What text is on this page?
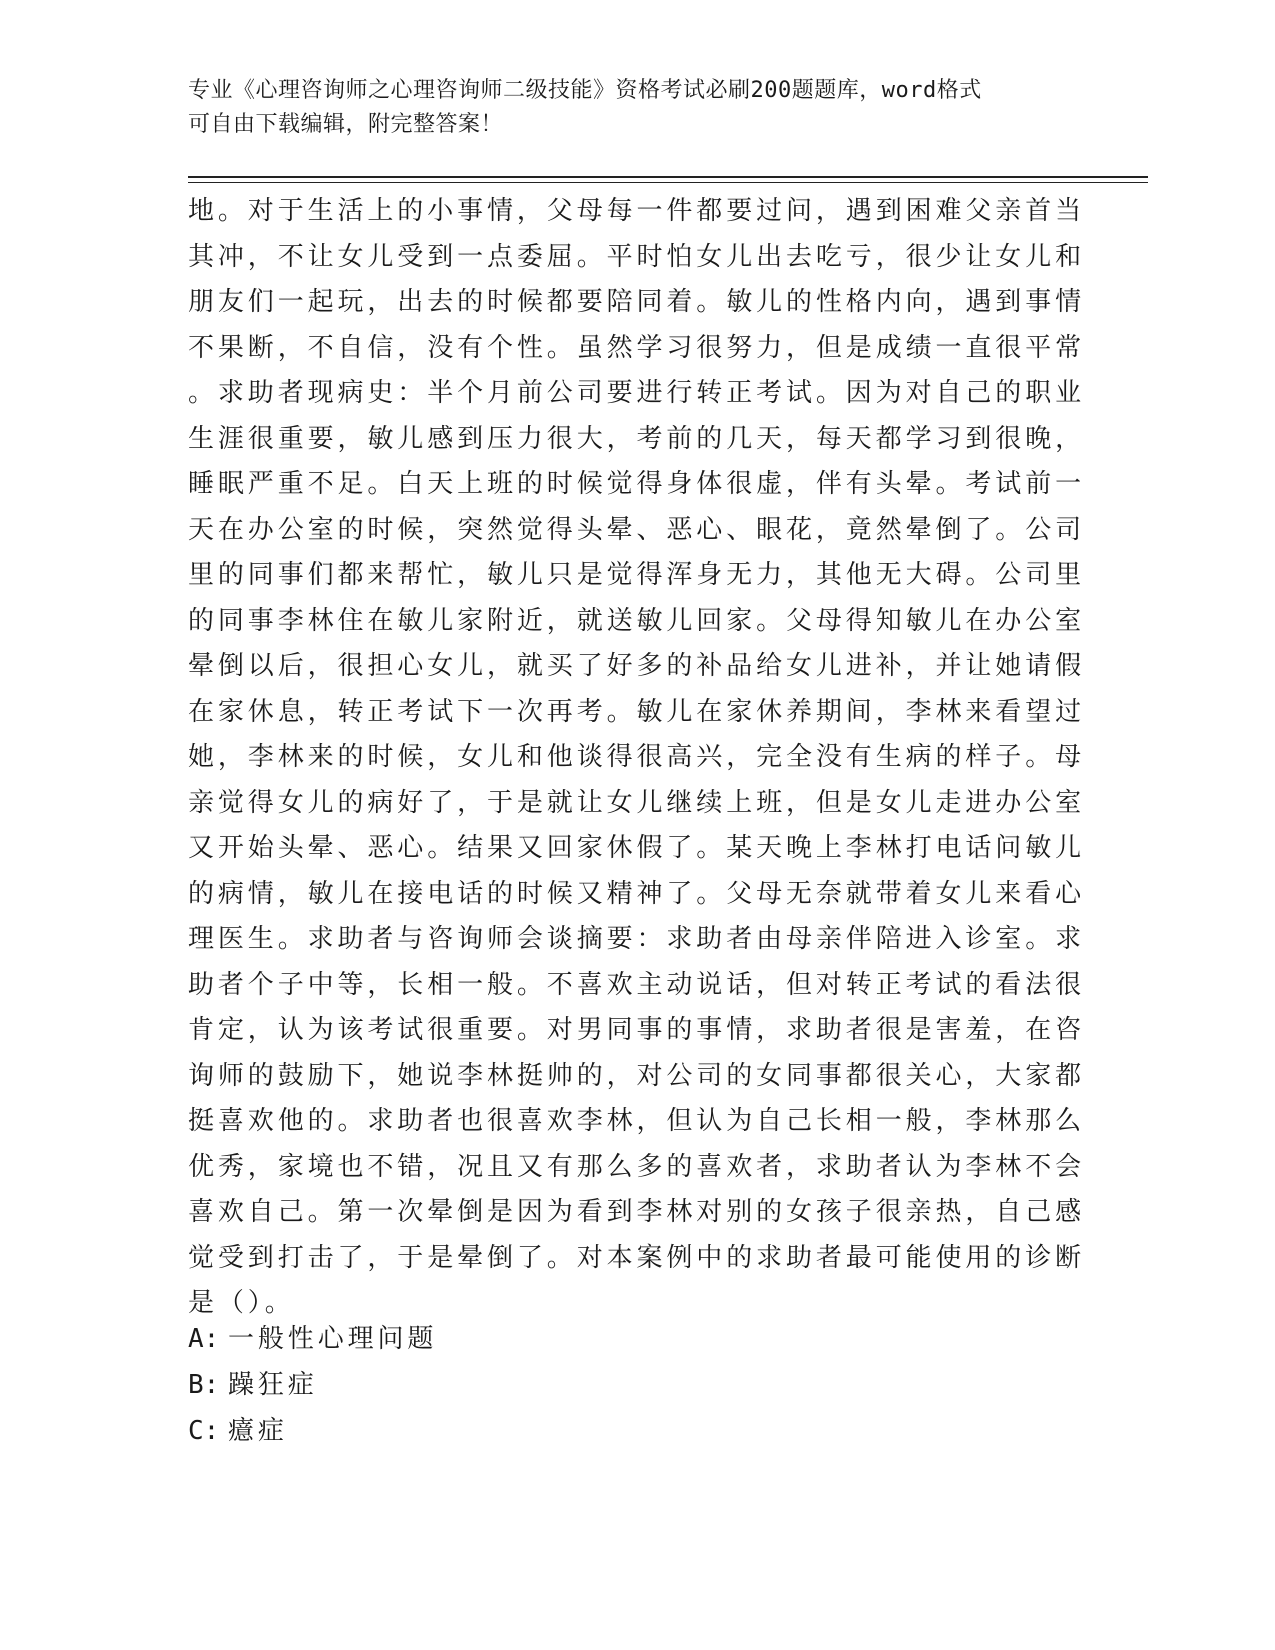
专业《心理咨询师之心理咨询师二级技能》资格考试必刷200题题库，word格式
可自由下载编辑，附完整答案！
地。对于生活上的小事情，父母每一件都要过问，遇到困难父亲首当
其冲，不让女儿受到一点委屈。平时怕女儿出去吃亏，很少让女儿和
朋友们一起玩，出去的时候都要陪同着。敏儿的性格内向，遇到事情
不果断，不自信，没有个性。虽然学习很努力，但是成绩一直很平常
。求助者现病史：半个月前公司要进行转正考试。因为对自己的职业
生涯很重要，敏儿感到压力很大，考前的几天，每天都学习到很晚，
睡眠严重不足。白天上班的时候觉得身体很虚，伴有头晕。考试前一
天在办公室的时候，突然觉得头晕、恶心、眼花，竟然晕倒了。公司
里的同事们都来帮忙，敏儿只是觉得浑身无力，其他无大碍。公司里
的同事李林住在敏儿家附近，就送敏儿回家。父母得知敏儿在办公室
晕倒以后，很担心女儿，就买了好多的补品给女儿进补，并让她请假
在家休息，转正考试下一次再考。敏儿在家休养期间，李林来看望过
她，李林来的时候，女儿和他谈得很高兴，完全没有生病的样子。母
亲觉得女儿的病好了，于是就让女儿继续上班，但是女儿走进办公室
又开始头晕、恶心。结果又回家休假了。某天晚上李林打电话问敏儿
的病情，敏儿在接电话的时候又精神了。父母无奈就带着女儿来看心
理医生。求助者与咨询师会谈摘要：求助者由母亲伴陪进入诊室。求
助者个子中等，长相一般。不喜欢主动说话，但对转正考试的看法很
肯定，认为该考试很重要。对男同事的事情，求助者很是害羞，在咨
询师的鼓励下，她说李林挺帅的，对公司的女同事都很关心，大家都
挺喜欢他的。求助者也很喜欢李林，但认为自己长相一般，李林那么
优秀，家境也不错，况且又有那么多的喜欢者，求助者认为李林不会
喜欢自己。第一次晕倒是因为看到李林对别的女孩子很亲热，自己感
觉受到打击了，于是晕倒了。对本案例中的求助者最可能使用的诊断
是（）。
A: 一般性心理问题
B: 躁狂症
C: 癔症
